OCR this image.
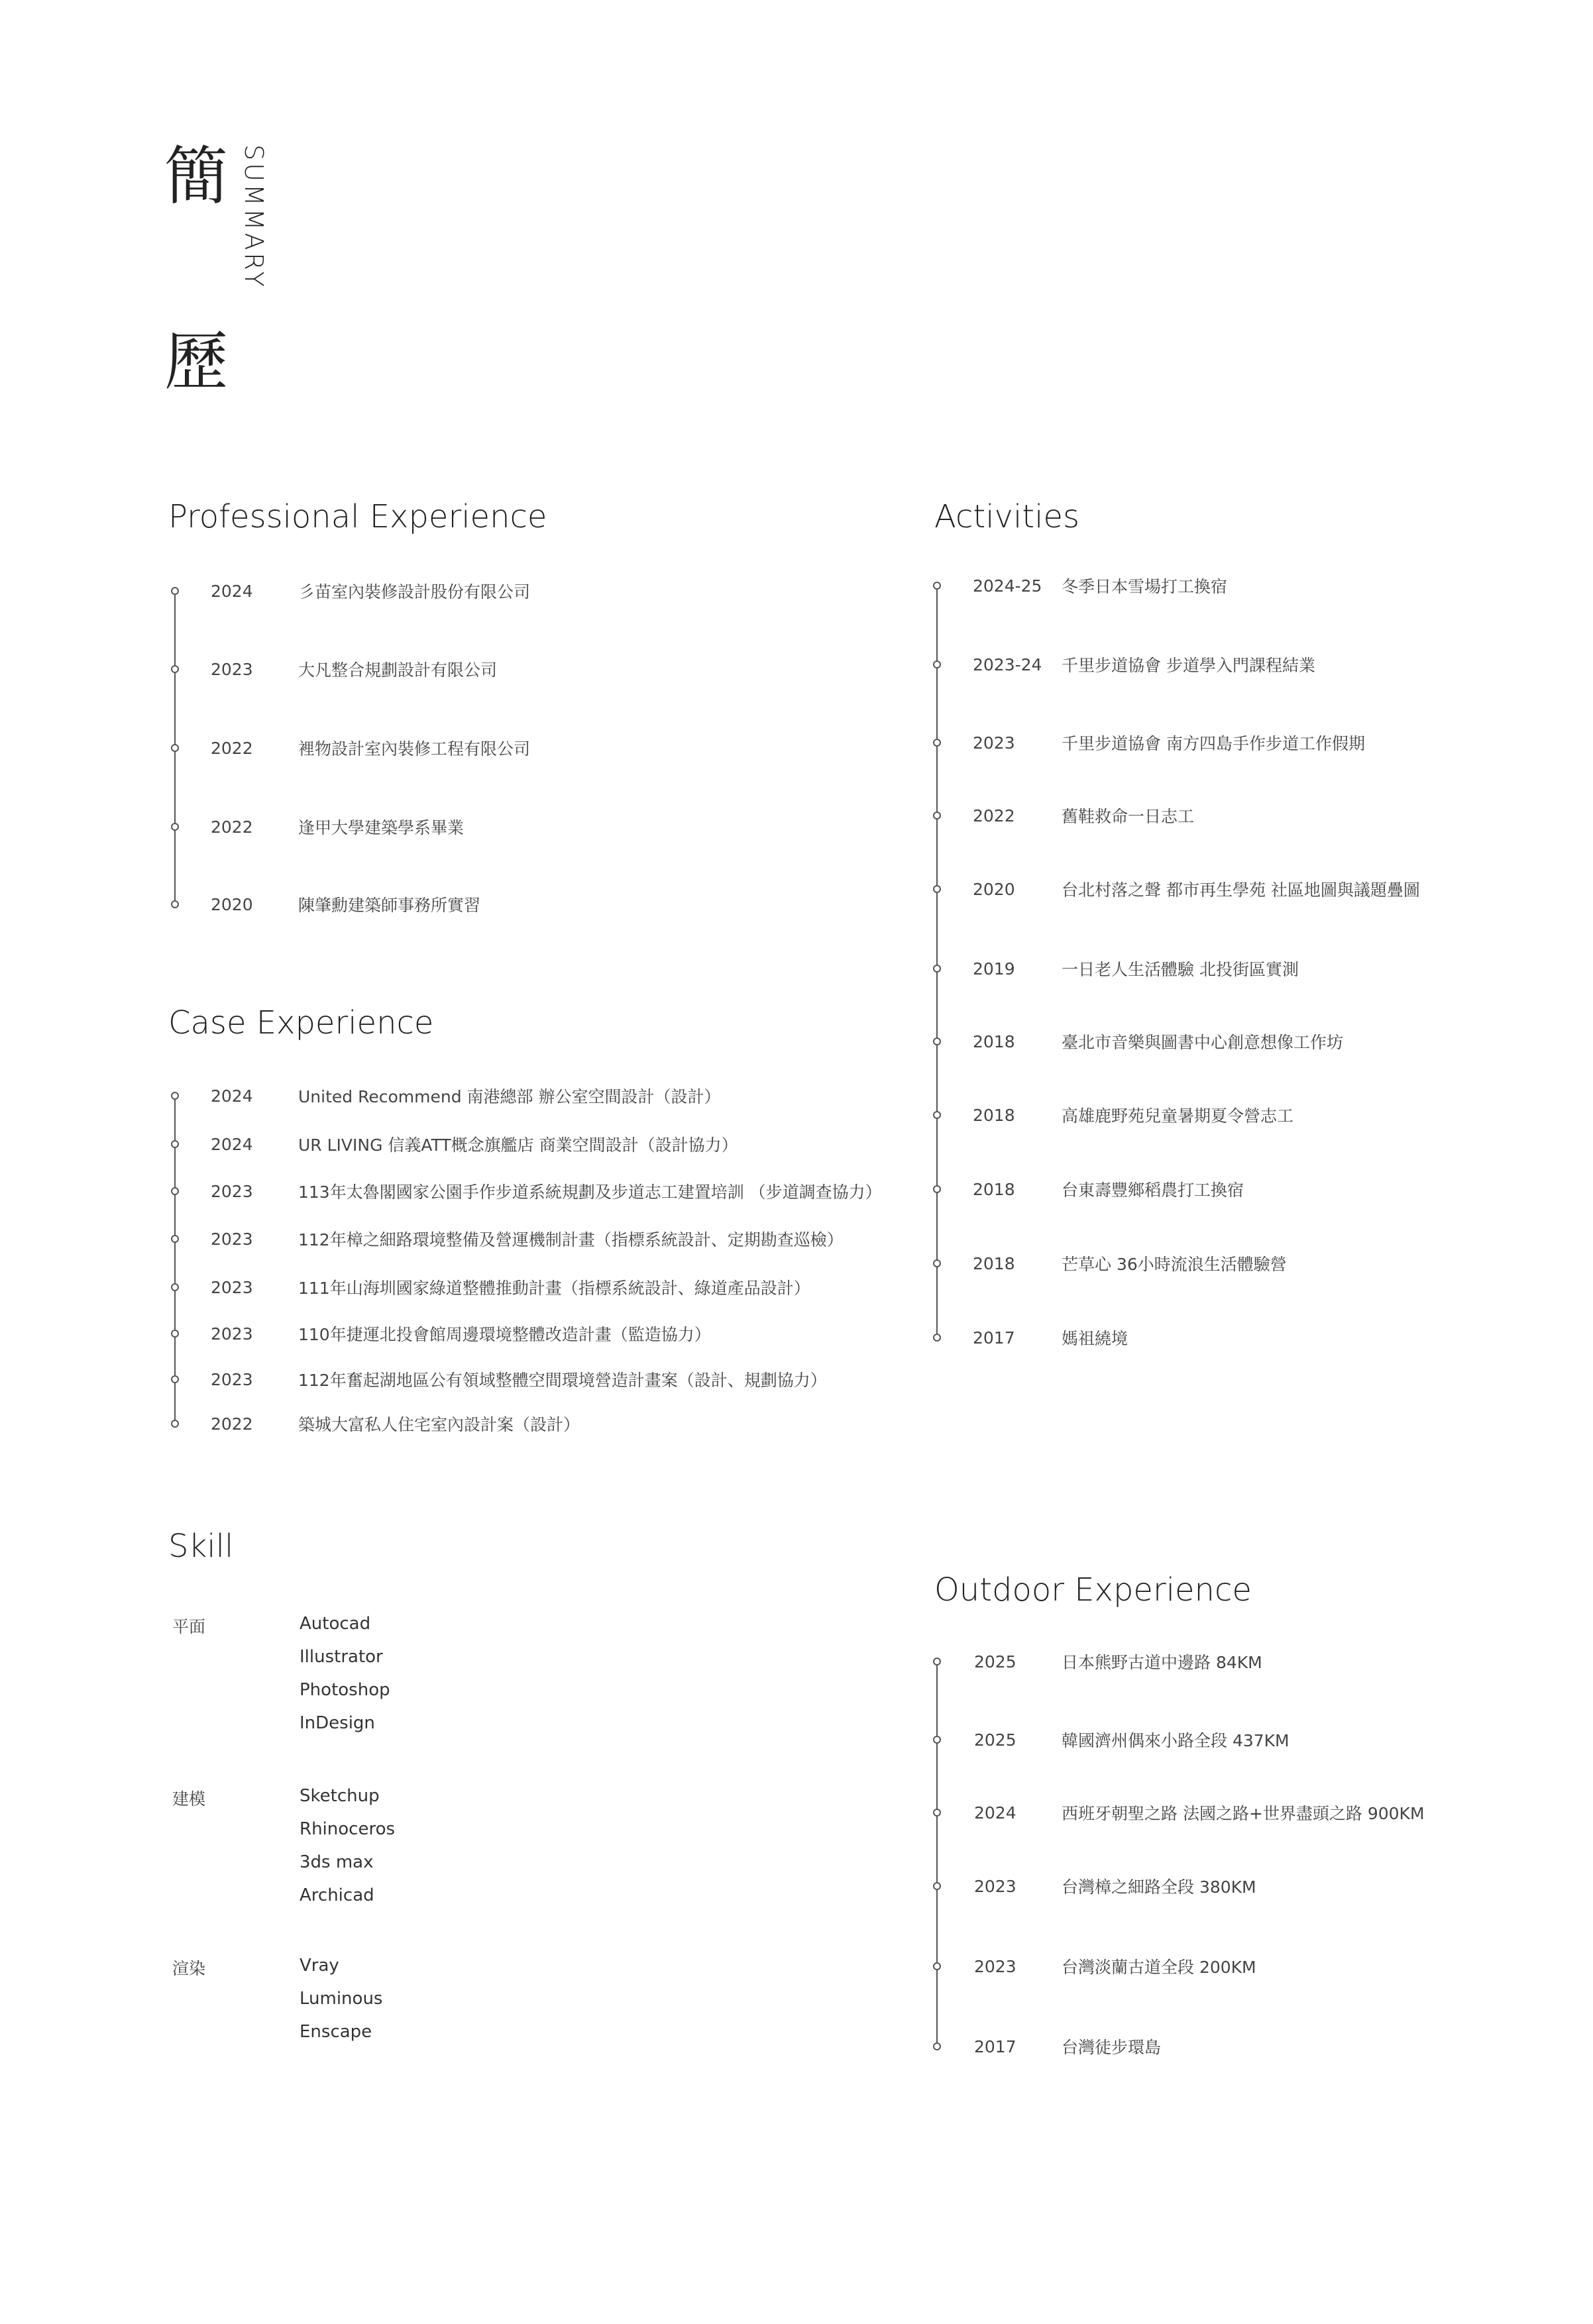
簡
歷
SUMMARY
Professional Experience
2024	彡苗室內裝修設計股份有限公司
2023	大凡整合規劃設計有限公司
2022	裡物設計室內裝修工程有限公司
2022	逢甲大學建築學系畢業
2020	陳肇勳建築師事務所實習
Case Experience
2024	United Recommend 南港總部 辦公室空間設計（設計）
2024	UR LIVING 信義ATT概念旗艦店 商業空間設計（設計協力）
2023	113年太魯閣國家公園手作步道系統規劃及步道志工建置培訓 （步道調查協力）
2023	112年樟之細路環境整備及營運機制計畫（指標系統設計、定期勘查巡檢）
2023	111年山海圳國家綠道整體推動計畫（指標系統設計、綠道產品設計）
2023	110年捷運北投會館周邊環境整體改造計畫（監造協力）
2023	112年奮起湖地區公有領域整體空間環境營造計畫案（設計、規劃協力）
2022	築城大富私人住宅室內設計案（設計）
Activities
2024-25 冬季日本雪場打工換宿
2023-24 千里步道協會 步道學入門課程結業
2023	千里步道協會 南方四島手作步道工作假期
2022	舊鞋救命一日志工
2020	台北村落之聲 都市再生學苑 社區地圖與議題疊圖
2019	一日老人生活體驗 北投街區實測
2018	臺北市音樂與圖書中心創意想像工作坊
2018	高雄鹿野苑兒童暑期夏令營志工
2018	台東壽豐鄉稻農打工換宿
2018	芒草心 36小時流浪生活體驗營
2017	媽祖繞境
Skill
平面	Autocad
Illustrator
Photoshop
InDesign
建模	Sketchup
Rhinoceros
3ds max
Archicad
渲染	Vray
Luminous
Enscape
Outdoor Experience
2025	日本熊野古道中邊路 84KM
2025	韓國濟州偶來小路全段 437KM
2024	西班牙朝聖之路 法國之路+世界盡頭之路 900KM
2023	台灣樟之細路全段 380KM
2023	台灣淡蘭古道全段 200KM
2017	台灣徒步環島
